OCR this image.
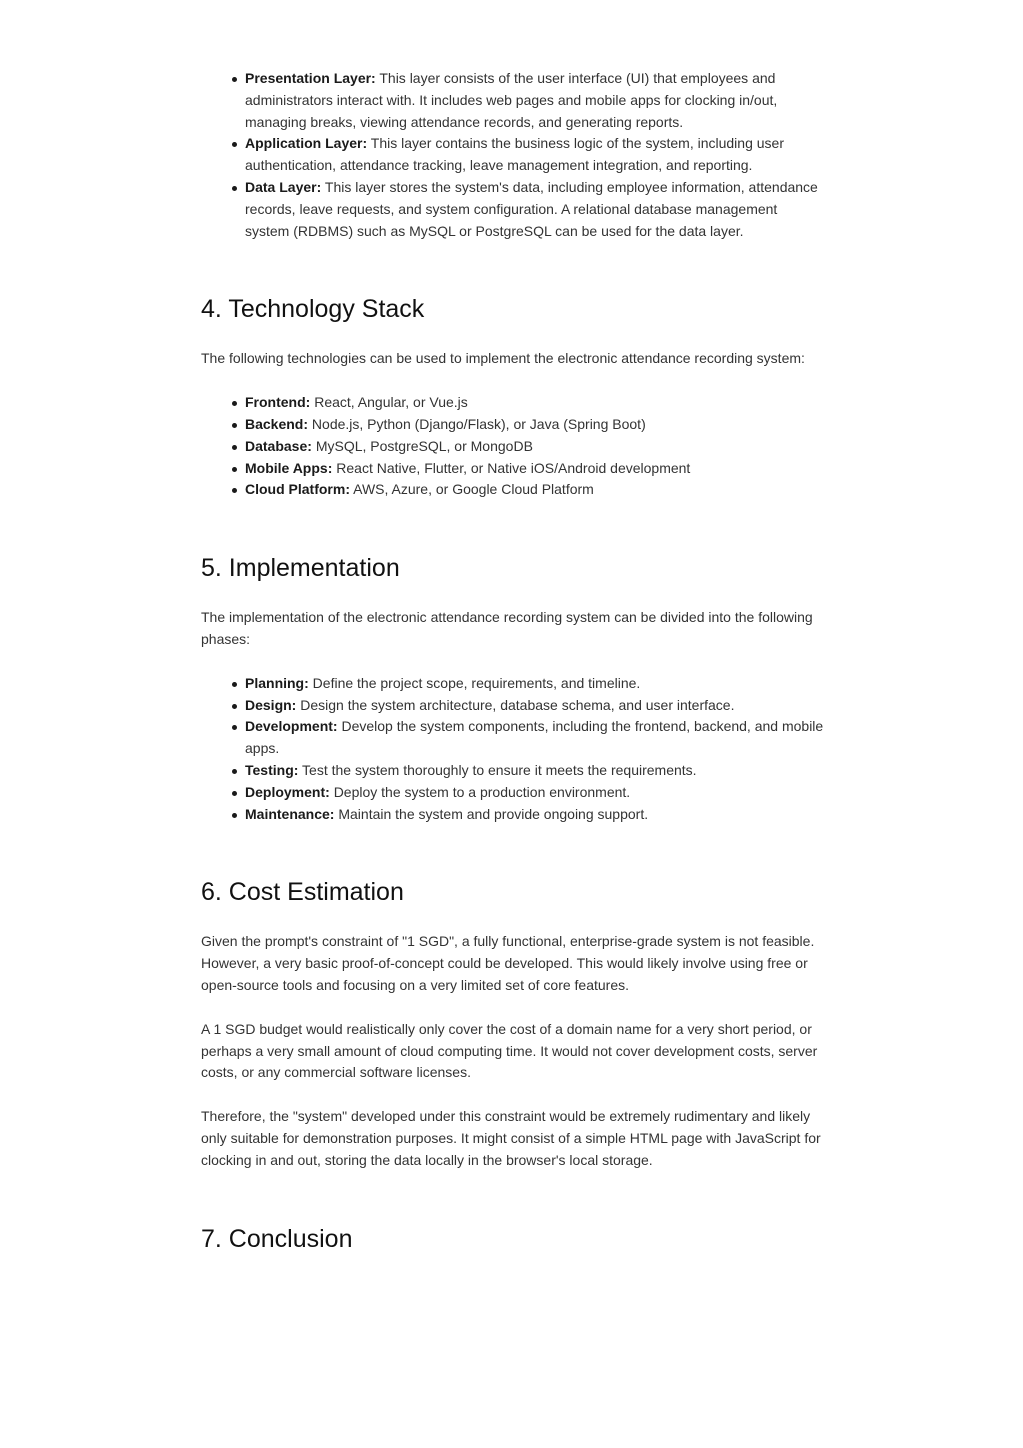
Presentation Layer: This layer consists of the user interface (UI) that employees and administrators interact with. It includes web pages and mobile apps for clocking in/out, managing breaks, viewing attendance records, and generating reports.
Application Layer: This layer contains the business logic of the system, including user authentication, attendance tracking, leave management integration, and reporting.
Data Layer: This layer stores the system's data, including employee information, attendance records, leave requests, and system configuration. A relational database management system (RDBMS) such as MySQL or PostgreSQL can be used for the data layer.
4. Technology Stack

The following technologies can be used to implement the electronic attendance recording system:

Frontend: React, Angular, or Vue.js
Backend: Node.js, Python (Django/Flask), or Java (Spring Boot)
Database: MySQL, PostgreSQL, or MongoDB
Mobile Apps: React Native, Flutter, or Native iOS/Android development
Cloud Platform: AWS, Azure, or Google Cloud Platform
5. Implementation

The implementation of the electronic attendance recording system can be divided into the following phases:

Planning: Define the project scope, requirements, and timeline.
Design: Design the system architecture, database schema, and user interface.
Development: Develop the system components, including the frontend, backend, and mobile apps.
Testing: Test the system thoroughly to ensure it meets the requirements.
Deployment: Deploy the system to a production environment.
Maintenance: Maintain the system and provide ongoing support.
6. Cost Estimation

Given the prompt's constraint of "1 SGD", a fully functional, enterprise-grade system is not feasible. However, a very basic proof-of-concept could be developed. This would likely involve using free or open-source tools and focusing on a very limited set of core features.

A 1 SGD budget would realistically only cover the cost of a domain name for a very short period, or perhaps a very small amount of cloud computing time. It would not cover development costs, server costs, or any commercial software licenses.

Therefore, the "system" developed under this constraint would be extremely rudimentary and likely only suitable for demonstration purposes. It might consist of a simple HTML page with JavaScript for clocking in and out, storing the data locally in the browser's local storage.

7. Conclusion
